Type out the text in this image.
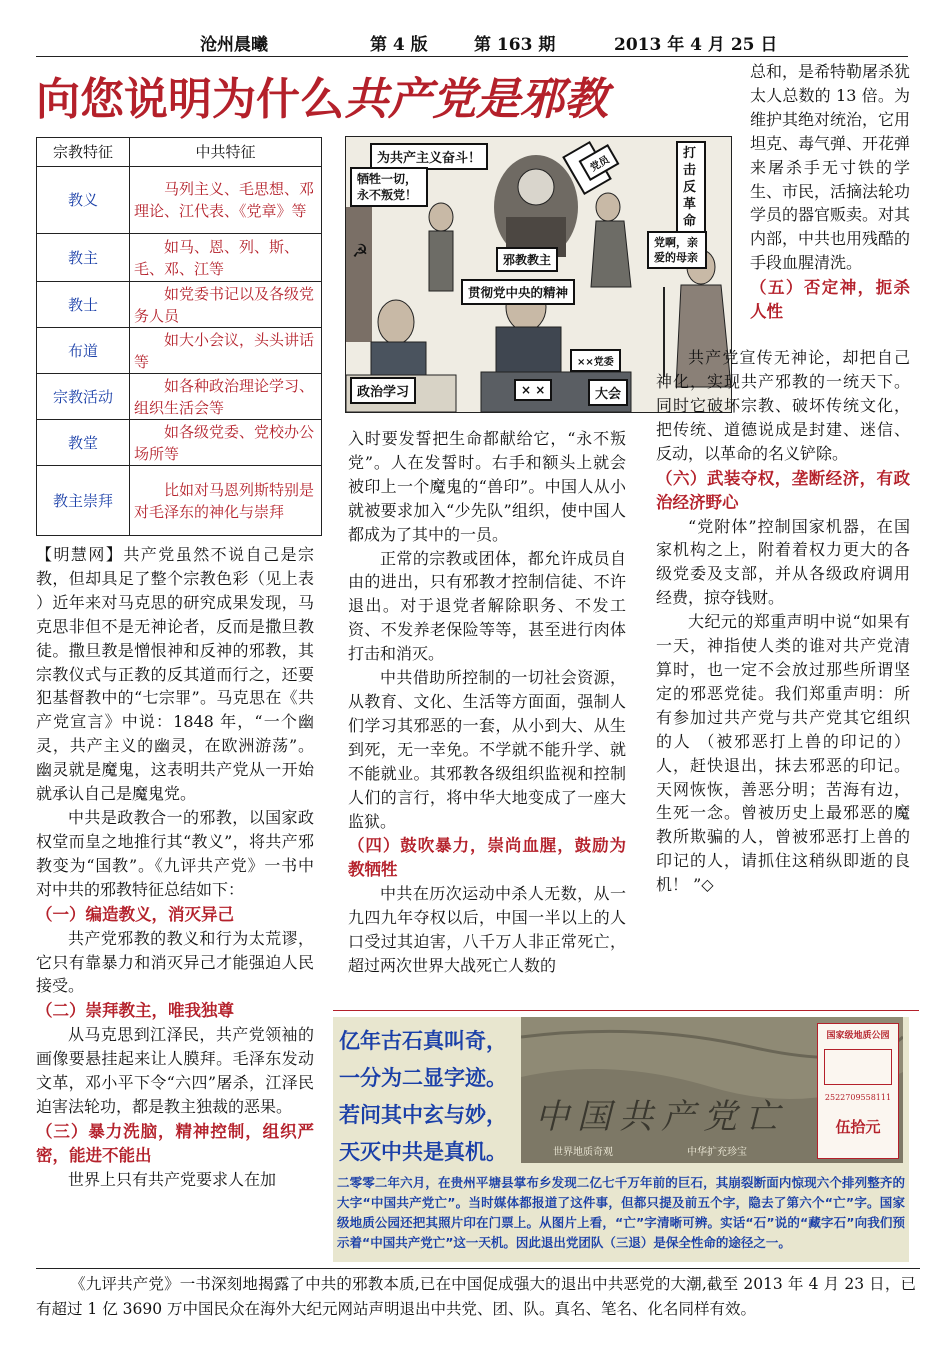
沧州晨曦	第 4 版	第 163 期	2013 年 4 月 25 日
向您说明为什么共产党是邪教
宗教特征	中共特征
教义	马列主义、毛思想、邓理论、江代表、《党章》等
教主	如马、恩、列、斯、毛、邓、江等
教士	如党委书记以及各级党务人员
布道	如大小会议，头头讲话等
宗教活动	如各种政治理论学习、组织生活会等
教堂	如各级党委、党校办公场所等
教主崇拜	比如对马恩列斯特别是对毛泽东的神化与崇拜
☭
为共产主义奋斗！
牺牲一切，永不叛党！
打击反革命
党啊，亲爱的母亲
党员
邪教教主
贯彻党中央的精神
××党委
政治学习	× ×	大会

【明慧网】共产党虽然不说自己是宗教，但却具足了整个宗教色彩（见上表 ）近年来对马克思的研究成果发现，马克思非但不是无神论者，反而是撒旦教徒。撒旦教是憎恨神和反神的邪教，其宗教仪式与正教的反其道而行之，还要犯基督教中的“七宗罪”。马克思在《共产党宣言》中说：1848 年，“一个幽灵，共产主义的幽灵，在欧洲游荡”。幽灵就是魔鬼，这表明共产党从一开始就承认自己是魔鬼党。

中共是政教合一的邪教，以国家政权堂而皇之地推行其“教义”，将共产邪教变为“国教”。《九评共产党》一书中对中共的邪教特征总结如下：

（一）编造教义，消灭异己

共产党邪教的教义和行为太荒谬，它只有靠暴力和消灭异己才能强迫人民接受。

（二）崇拜教主，唯我独尊

从马克思到江泽民，共产党领袖的画像要悬挂起来让人膜拜。毛泽东发动文革，邓小平下令“六四”屠杀，江泽民迫害法轮功，都是教主独裁的恶果。

（三）暴力洗脑，精神控制，组织严密，能进不能出

世界上只有共产党要求人在加

入时要发誓把生命都献给它，“永不叛党”。人在发誓时。右手和额头上就会被印上一个魔鬼的“兽印”。中国人从小就被要求加入“少先队”组织，使中国人都成为了其中的一员。

正常的宗教或团体，都允许成员自由的进出，只有邪教才控制信徒、不许退出。对于退党者解除职务、不发工资、不发养老保险等等，甚至进行肉体打击和消灭。

中共借助所控制的一切社会资源，从教育、文化、生活等方面面，强制人们学习其邪恶的一套，从小到大、从生到死，无一幸免。不学就不能升学、就不能就业。其邪教各级组织监视和控制人们的言行，将中华大地变成了一座大监狱。

（四）鼓吹暴力，崇尚血腥，鼓励为教牺牲

中共在历次运动中杀人无数，从一九四九年夺权以后，中国一半以上的人口受过其迫害，八千万人非正常死亡，超过两次世界大战死亡人数的

总和，是希特勒屠杀犹太人总数的 13 倍。为维护其绝对统治，它用坦克、毒气弹、开花弹来屠杀手无寸铁的学生、市民，活摘法轮功学员的器官贩卖。对其内部，中共也用残酷的手段血腥清洗。

（五）否定神，扼杀人性

共产党宣传无神论，却把自己神化，实现共产邪教的一统天下。同时它破坏宗教、破坏传统文化，把传统、道德说成是封建、迷信、反动，以革命的名义铲除。

（六）武装夺权，垄断经济，有政治经济野心

“党附体”控制国家机器，在国家机构之上，附着着权力更大的各级党委及支部，并从各级政府调用经费，掠夺钱财。

大纪元的郑重声明中说“如果有一天，神指使人类的谁对共产党清算时，也一定不会放过那些所谓坚定的邪恶党徒。我们郑重声明：所有参加过共产党与共产党其它组织的人 （被邪恶打上兽的印记的）人，赶快退出，抹去邪恶的印记。天网恢恢，善恶分明；苦海有边，生死一念。曾被历史上最邪恶的魔教所欺骗的人，曾被邪恶打上兽的印记的人，请抓住这稍纵即逝的良机！ ”◇

亿年古石真叫奇，
一分为二显字迹。
若问其中玄与妙，
天灭中共是真机。
中国共产党亡
世界地质奇观	中华扩充珍宝
国家级地质公园
2522709558111
伍拾元
二零零二年六月，在贵州平塘县掌布乡发现二亿七千万年前的巨石，其崩裂断面内惊现六个排列整齐的大字“中国共产党亡”。当时媒体都报道了这件事，但都只提及前五个字，隐去了第六个“亡”字。国家级地质公园还把其照片印在门票上。从图片上看，“亡”字清晰可辨。实话“石”说的“藏字石”向我们预示着“中国共产党亡”这一天机。因此退出党团队（三退）是保全性命的途径之一。
《九评共产党》一书深刻地揭露了中共的邪教本质,已在中国促成强大的退出中共恶党的大潮,截至 2013 年 4 月 23 日，已有超过 1 亿 3690 万中国民众在海外大纪元网站声明退出中共党、团、队。真名、笔名、化名同样有效。
